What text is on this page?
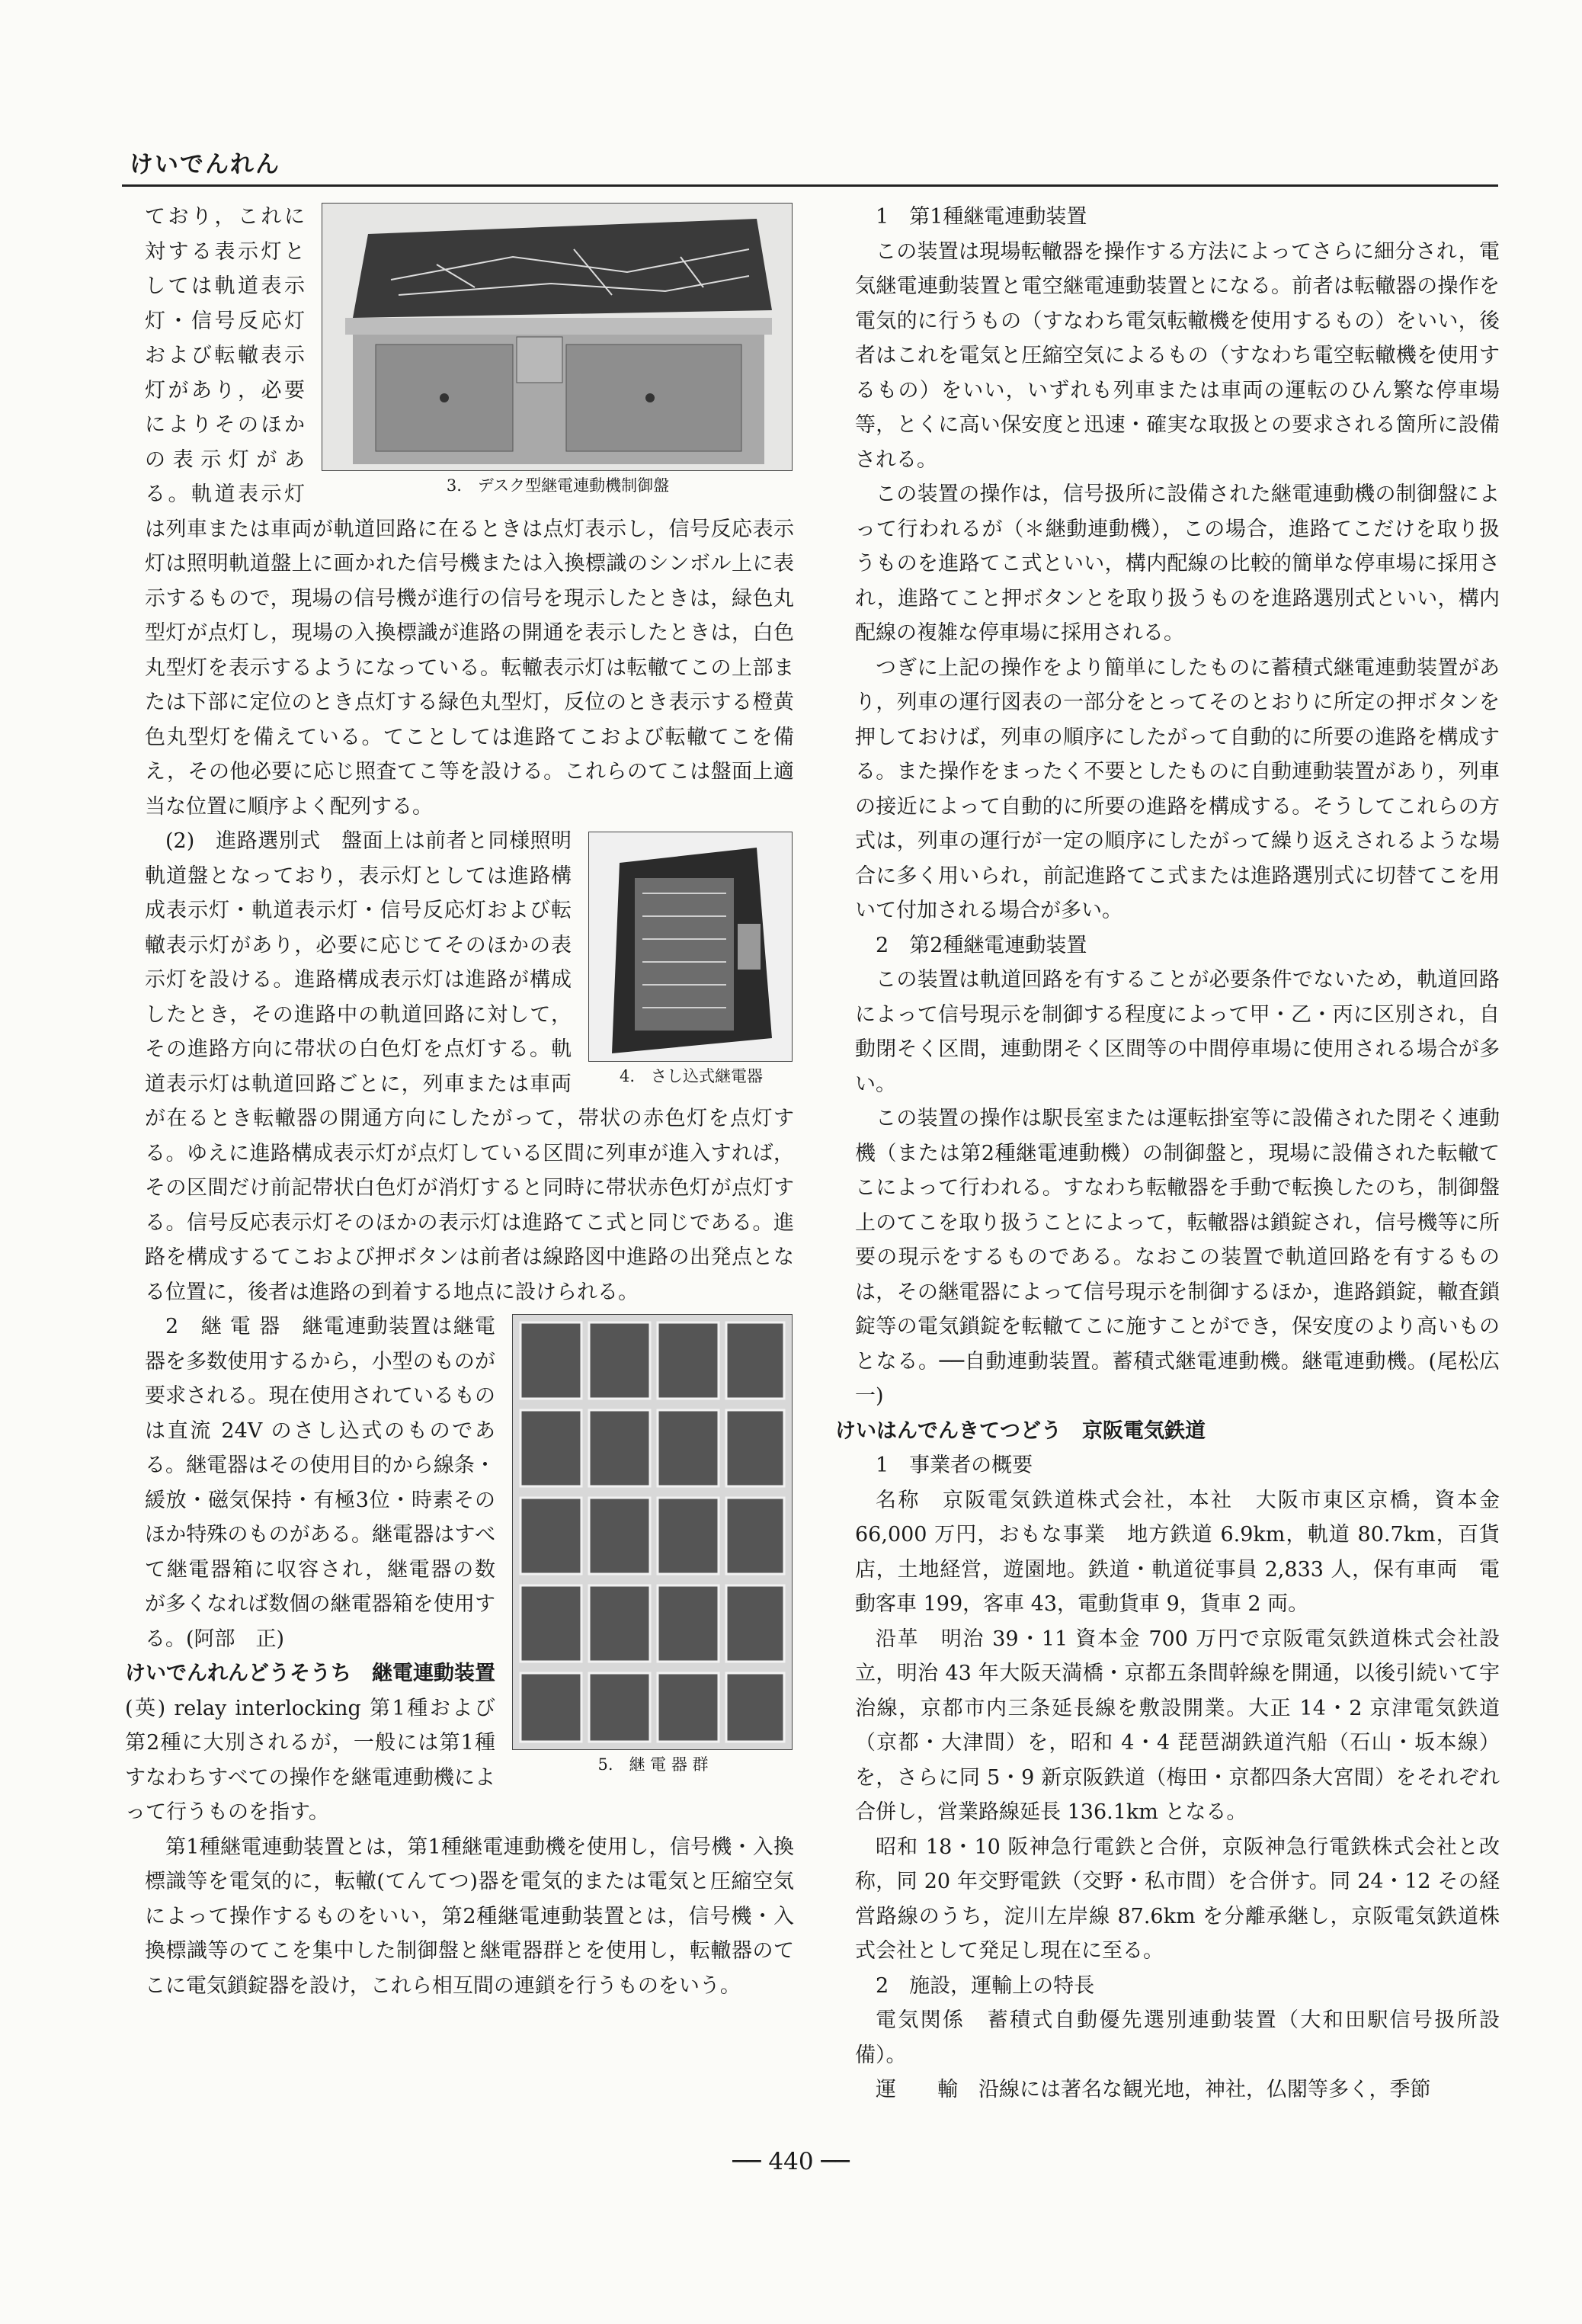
けいでんれん
3.　デスク型継電連動機制御盤

ており，これに対する表示灯としては軌道表示灯・信号反応灯および転轍表示灯があり，必要によりそのほかの表示灯がある。軌道表示灯は列車または車両が軌道回路に在るときは点灯表示し，信号反応表示灯は照明軌道盤上に画かれた信号機または入換標識のシンボル上に表示するもので，現場の信号機が進行の信号を現示したときは，緑色丸型灯が点灯し，現場の入換標識が進路の開通を表示したときは，白色丸型灯を表示するようになっている。転轍表示灯は転轍てこの上部または下部に定位のとき点灯する緑色丸型灯，反位のとき表示する橙黄色丸型灯を備えている。てことしては進路てこおよび転轍てこを備え，その他必要に応じ照査てこ等を設ける。これらのてこは盤面上適当な位置に順序よく配列する。

4.　さし込式継電器

(2)　進路選別式　盤面上は前者と同様照明軌道盤となっており，表示灯としては進路構成表示灯・軌道表示灯・信号反応灯および転轍表示灯があり，必要に応じてそのほかの表示灯を設ける。進路構成表示灯は進路が構成したとき，その進路中の軌道回路に対して，その進路方向に帯状の白色灯を点灯する。軌道表示灯は軌道回路ごとに，列車または車両が在るとき転轍器の開通方向にしたがって，帯状の赤色灯を点灯する。ゆえに進路構成表示灯が点灯している区間に列車が進入すれば，その区間だけ前記帯状白色灯が消灯すると同時に帯状赤色灯が点灯する。信号反応表示灯そのほかの表示灯は進路てこ式と同じである。進路を構成するてこおよび押ボタンは前者は線路図中進路の出発点となる位置に，後者は進路の到着する地点に設けられる。

5.　継 電 器 群

2　継 電 器　継電連動装置は継電器を多数使用するから，小型のものが要求される。現在使用されているものは直流 24V のさし込式のものである。継電器はその使用目的から線条・緩放・磁気保持・有極3位・時素そのほか特殊のものがある。継電器はすべて継電器箱に収容され，継電器の数が多くなれば数個の継電器箱を使用する。(阿部　正)

けいでんれんどうそうち　継電連動装置 (英) relay interlocking 第1種および第2種に大別されるが，一般には第1種すなわちすべての操作を継電連動機によって行うものを指す。

第1種継電連動装置とは，第1種継電連動機を使用し，信号機・入換標識等を電気的に，転轍(てんてつ)器を電気的または電気と圧縮空気によって操作するものをいい，第2種継電連動装置とは，信号機・入換標識等のてこを集中した制御盤と継電器群とを使用し，転轍器のてこに電気鎖錠器を設け，これら相互間の連鎖を行うものをいう。

1　第1種継電連動装置

この装置は現場転轍器を操作する方法によってさらに細分され，電気継電連動装置と電空継電連動装置とになる。前者は転轍器の操作を電気的に行うもの（すなわち電気転轍機を使用するもの）をいい，後者はこれを電気と圧縮空気によるもの（すなわち電空転轍機を使用するもの）をいい，いずれも列車または車両の運転のひん繁な停車場等，とくに高い保安度と迅速・確実な取扱との要求される箇所に設備される。

この装置の操作は，信号扱所に設備された継電連動機の制御盤によって行われるが（＊継動連動機），この場合，進路てこだけを取り扱うものを進路てこ式といい，構内配線の比較的簡単な停車場に採用され，進路てこと押ボタンとを取り扱うものを進路選別式といい，構内配線の複雑な停車場に採用される。

つぎに上記の操作をより簡単にしたものに蓄積式継電連動装置があり，列車の運行図表の一部分をとってそのとおりに所定の押ボタンを押しておけば，列車の順序にしたがって自動的に所要の進路を構成する。また操作をまったく不要としたものに自動連動装置があり，列車の接近によって自動的に所要の進路を構成する。そうしてこれらの方式は，列車の運行が一定の順序にしたがって繰り返えされるような場合に多く用いられ，前記進路てこ式または進路選別式に切替てこを用いて付加される場合が多い。

2　第2種継電連動装置

この装置は軌道回路を有することが必要条件でないため，軌道回路によって信号現示を制御する程度によって甲・乙・丙に区別され，自動閉そく区間，連動閉そく区間等の中間停車場に使用される場合が多い。

この装置の操作は駅長室または運転掛室等に設備された閉そく連動機（または第2種継電連動機）の制御盤と，現場に設備された転轍てこによって行われる。すなわち転轍器を手動で転換したのち，制御盤上のてこを取り扱うことによって，転轍器は鎖錠され，信号機等に所要の現示をするものである。なおこの装置で軌道回路を有するものは，その継電器によって信号現示を制御するほか，進路鎖錠，轍査鎖錠等の電気鎖錠を転轍てこに施すことができ，保安度のより高いものとなる。──自動連動装置。蓄積式継電連動機。継電連動機。(尾松広一)

けいはんでんきてつどう　京阪電気鉄道

1　事業者の概要

名称　京阪電気鉄道株式会社，本社　大阪市東区京橋，資本金 66,000 万円，おもな事業　地方鉄道 6.9km，軌道 80.7km，百貨店，土地経営，遊園地。鉄道・軌道従事員 2,833 人，保有車両　電動客車 199，客車 43，電動貨車 9，貨車 2 両。

沿革　明治 39・11 資本金 700 万円で京阪電気鉄道株式会社設立，明治 43 年大阪天満橋・京都五条間幹線を開通，以後引続いて宇治線，京都市内三条延長線を敷設開業。大正 14・2 京津電気鉄道（京都・大津間）を，昭和 4・4 琵琶湖鉄道汽船（石山・坂本線）を，さらに同 5・9 新京阪鉄道（梅田・京都四条大宮間）をそれぞれ合併し，営業路線延長 136.1km となる。

昭和 18・10 阪神急行電鉄と合併，京阪神急行電鉄株式会社と改称，同 20 年交野電鉄（交野・私市間）を合併す。同 24・12 その経営路線のうち，淀川左岸線 87.6km を分離承継し，京阪電気鉄道株式会社として発足し現在に至る。

2　施設，運輸上の特長

電気関係　蓄積式自動優先選別連動装置（大和田駅信号扱所設備）。

運　　輸　沿線には著名な観光地，神社，仏閣等多く，季節

── 440 ──
